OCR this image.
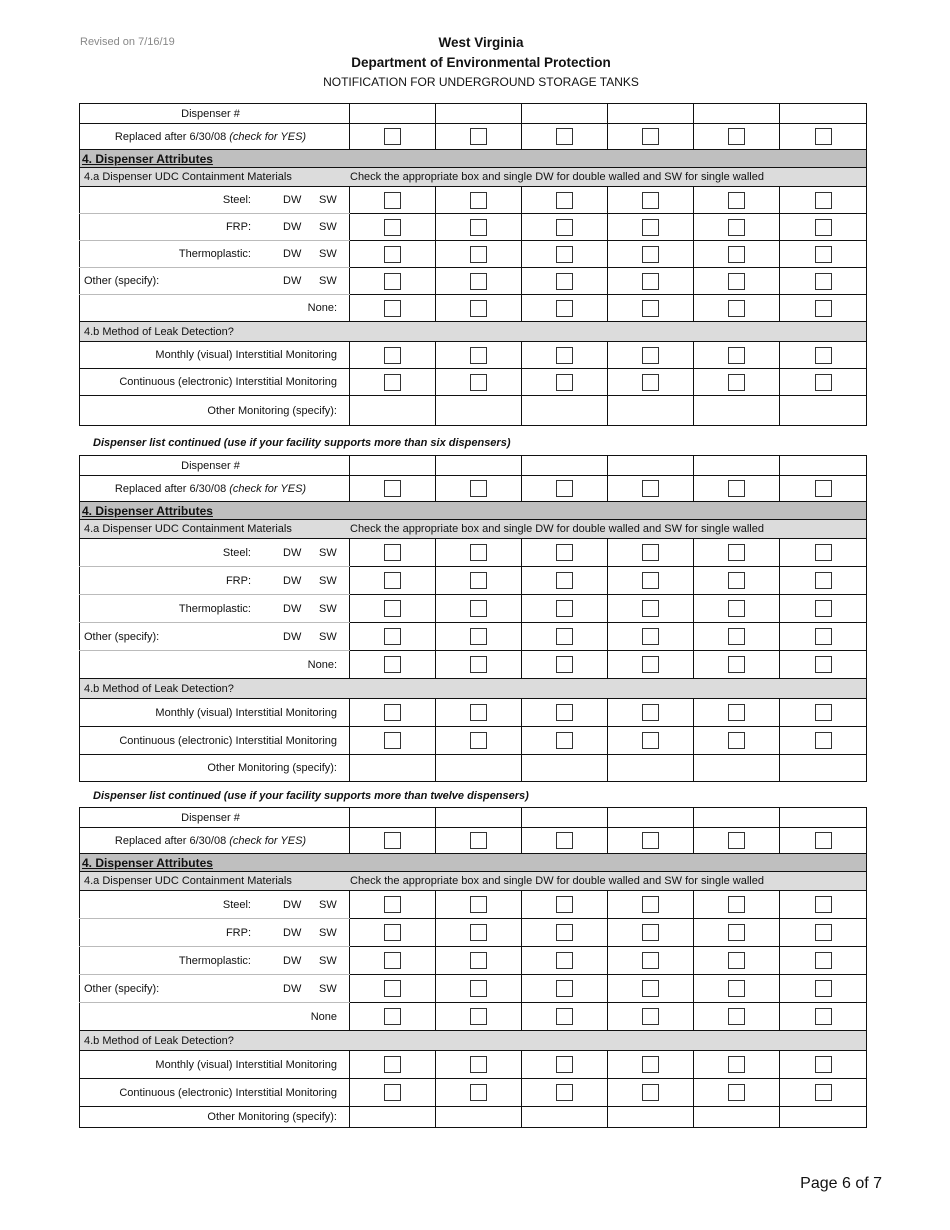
Revised on 7/16/19	West Virginia
Department of Environmental Protection
NOTIFICATION FOR UNDERGROUND STORAGE TANKS
Dispenser #						
Replaced after 6/30/08 (check for YES)						
4. Dispenser Attributes						

4.a Dispenser UDC Containment Materials Check the appropriate box and single DW for double walled and SW for single walled						

Steel: DW SW						

FRP: DW SW						

Thermoplastic: DW SW						

Other (specify): DW SW						

None:						
4.b Method of Leak Detection?						
Monthly (visual) Interstitial Monitoring						
Continuous (electronic) Interstitial Monitoring						
Other Monitoring (specify):						
Dispenser #						
Replaced after 6/30/08 (check for YES)						
4. Dispenser Attributes						

4.a Dispenser UDC Containment Materials Check the appropriate box and single DW for double walled and SW for single walled						

Steel: DW SW						

FRP: DW SW						

Thermoplastic: DW SW						

Other (specify): DW SW						

None:						
4.b Method of Leak Detection?						
Monthly (visual) Interstitial Monitoring						
Continuous (electronic) Interstitial Monitoring						
Other Monitoring (specify):						
Dispenser #						
Replaced after 6/30/08 (check for YES)						
4. Dispenser Attributes						

4.a Dispenser UDC Containment Materials Check the appropriate box and single DW for double walled and SW for single walled						

Steel: DW SW						

FRP: DW SW						

Thermoplastic: DW SW						

Other (specify): DW SW						

None						
4.b Method of Leak Detection?						
Monthly (visual) Interstitial Monitoring						
Continuous (electronic) Interstitial Monitoring						
Other Monitoring (specify):						
Dispenser list continued (use if your facility supports more than six dispensers)
Dispenser list continued (use if your facility supports more than twelve dispensers)
Page 6 of 7
